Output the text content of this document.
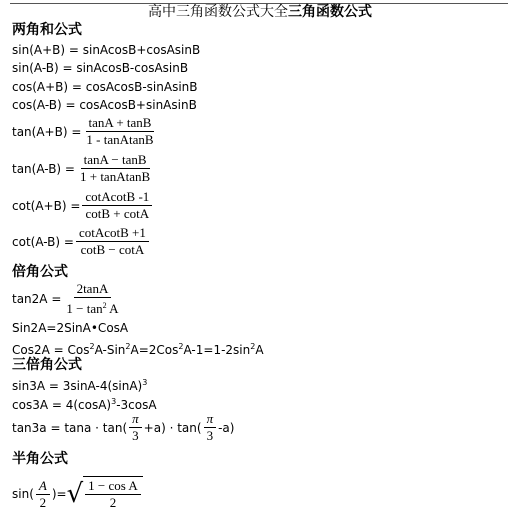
高中三角函数公式大全三角函数公式
两角和公式
sin(A+B) = sinAcosB+cosAsinB
sin(A-B) = sinAcosB-cosAsinB
cos(A+B) = cosAcosB-sinAsinB
cos(A-B) = cosAcosB+sinAsinB
$\tan(A+B) = \frac{\tan A + \tan B}{\text{1 - tanAtanB}}$
$\tan(A-B) = \frac{\tan A - \tan B}{\text{1 + tanAtanB}}$
$\cot(A+B) = \frac{\text{cotAcotB -1}}{\cot B + \cot A}$
$\cot(A-B) = \frac{\text{cotAcotB +1}}{\cot B - \cot A}$
倍角公式
$\tan 2A = \frac{2\tan A}{1 - \tan^2 A}$
Sin2A=2SinA•CosA
$Cos2A = Cos^2A-Sin^2A=2Cos^2A-1=1-2\sin^2A$
三倍角公式
$\sin 3A = 3\sin A-4(\sin A)^3$
$\cos 3A = 4(\cos A)^3-3\cos A$
$\tan 3a = \tan a \cdot \tan( \frac{\pi}{3} +a) \cdot \tan( \frac{\pi}{3} -a)$
半角公式
$\sin( \frac{A}{2}$ )= √ $\frac{\text{1 − cos A}}{2}$
